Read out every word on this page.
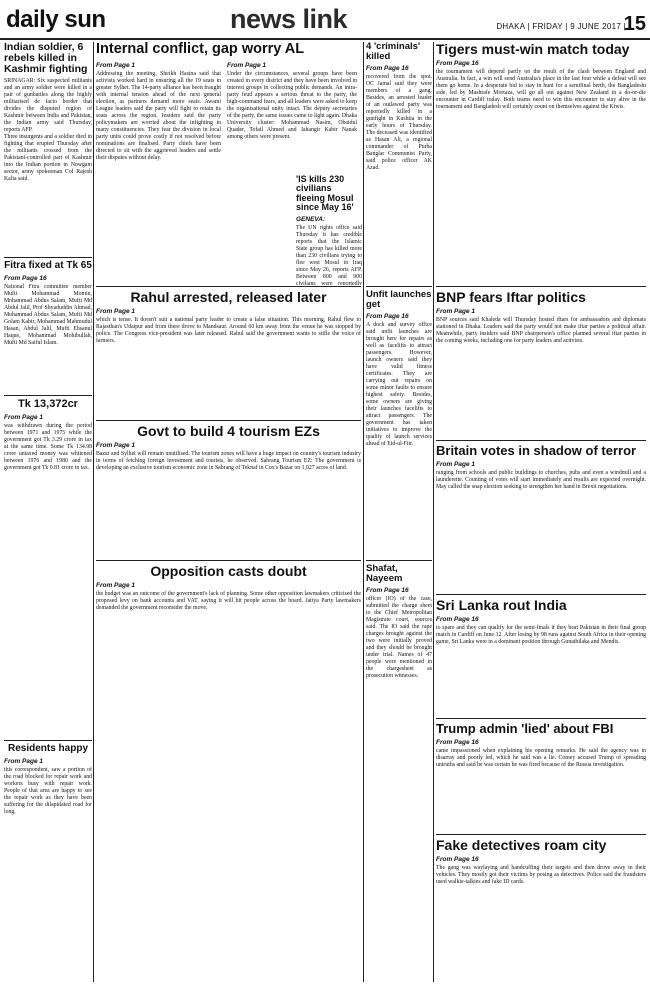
daily sun	news link	DHAKA | FRIDAY | 9 JUNE 2017 |
15
Indian soldier, 6 rebels killed in Kashmir fighting

SRINAGAR: Six suspected militants and an army soldier were killed in a pair of gunbattles along the highly militarised de facto border that divides the disputed region of Kashmir between India and Pakistan, the Indian army said Thursday, reports AFP.

Three insurgents and a soldier died in fighting that erupted Thursday after the militants crossed from the Pakistani-controlled part of Kashmir into the Indian portion in Nowgam sector, army spokesman Col Rajesh Kalia said.

Fitra fixed at Tk 65
From Page 16

National Fitra committee member Mufti Mohammad Momin, Mohammad Abdus Salam, Mufti Md Abdul Jalil, Prof Shyaduddin Ahmad, Mohammad Abdus Salam, Mufti Md Golam Kabir, Mohammad Mahmudul Hasan, Abdul Jalil, Mufti Ehsanul Haque, Mohammad Mohibullah, Mufti Md Saiful Islam.

Tk 13,372cr
From Page 1

was withdrawn during the period between 1971 and 1975 while the government got Tk 3.29 crore in tax at the same time. Some Tk 134.98 crore untaxed money was whitened between 1976 and 1980 and the government got Tk 0.81 crore in tax.

Residents happy
From Page 1

this correspondent, saw a portion of the road blocked for repair work and workers busy with repair work. People of that area are happy to see the repair work as they have been suffering for the dilapidated road for long.

Internal conflict, gap worry AL
From Page 1

Addressing the meeting, Sheikh Hasina said that activists worked hard in ensuring all the 19 seats in greater Sylhet. The 14-party alliance has been fraught with internal tension ahead of the next general election, as partners demand more seats. Awami League leaders said the party will fight to retain its seats across the region. Insiders said the party policymakers are worried about the infighting in many constituencies. They fear the division in local party units could prove costly if not resolved before nominations are finalised. Party chiefs have been directed to sit with the aggrieved leaders and settle their disputes without delay.

From Page 1

Under the circumstances, several groups have been created in every district and they have been involved in interest groups in collecting public demands. An intra-party feud appears a serious threat to the party, the high-command fears, and all leaders were asked to keep the organisational unity intact. The deputy secretaries of the party, the same issues came to light again. Dhaka University cluster: Mohammad Nasim, Obaidul Quader, Tofail Ahmed and Jahangir Kabir Nanak among others were present.

4 'criminals' killed
From Page 16

recovered from the spot. OC Jamal said they were members of a gang. Besides, an arrested leader of an outlawed party was reportedly killed in a gunfight in Kushtia in the early hours of Thursday. The deceased was identified as Hasan Ali, a regional commander of Purba Banglar Communist Party, said police officer AK Azad.

'IS kills 230 civilians fleeing Mosul since May 16'
GENEVA:

The UN rights office said Thursday it has credible reports that the Islamic State group has killed more than 230 civilians trying to flee west Mosul in Iraq since May 26, reports AFP. Between 800 and 900 civilians were reportedly

Tigers must-win match today
From Page 16

the tournament will depend partly on the result of the clash between England and Australia. In fact, a win will send Australia's place in the last four while a defeat will see them go home. In a desperate bid to stay in hunt for a semifinal berth, the Bangladeshi side, led by Mashrafe Mortaza, will go all out against New Zealand in a do-or-die encounter in Cardiff today. Both teams need to win this encounter to stay alive in the tournament and Bangladesh will certainly count on themselves against the Kiwis.

Rahul arrested, released later
From Page 1

which is tense. It doesn't suit a national party leader to create a false situation. This morning, Rahul flew to Rajasthan's Udaipur and from there drove to Mandsaur. Around 60 km away from the venue he was stopped by police. The Congress vice-president was later released. Rahul said the government wants to stifle the voice of farmers.

Unfit launches get
From Page 16

A dock and survey office said unfit launches are brought here for repairs as well as facelifts to attract passengers. However, launch owners said they have valid fitness certificates. They are carrying out repairs on some minor faults to ensure highest safety. Besides, some owners are giving their launches facelifts to attract passengers. The government has taken initiatives to improve the quality of launch services ahead of Eid-ul-Fitr.

BNP fears Iftar politics
From Page 1

BNP sources said Khaleda will Thursday hosted iftars for ambassadors and diplomats stationed in Dhaka. Leaders said the party would not make iftar parties a political affair. Meanwhile, party insiders said BNP chairperson's office planned several iftar parties in the coming weeks, including one for party leaders and activists.

Govt to build 4 tourism EZs
From Page 1

Bazar and Sylhet will remain unutilised. The tourism zones will have a huge impact on country's tourism industry in terms of fetching foreign investment and tourists, he observed. Sabrang Tourism EZ: The government is developing an exclusive tourism economic zone in Sabrang of Teknaf in Cox's Bazar on 1,027 acres of land.

Britain votes in shadow of terror
From Page 1

ranging from schools and public buildings to churches, pubs and even a windmill and a launderette. Counting of votes will start immediately and results are expected overnight. May called the snap election seeking to strengthen her hand in Brexit negotiations.

Opposition casts doubt
From Page 1

the budget was an outcome of the government's lack of planning. Some other opposition lawmakers criticised the proposed levy on bank accounts and VAT, saying it will hit people across the board. Jatiya Party lawmakers demanded the government reconsider the move.

Shafat, Nayeem
From Page 16

officer (IO) of the case, submitted the charge sheet to the Chief Metropolitan Magistrate court, sources said. The IO said the rape charges brought against the two were initially proved and they should be brought under trial. Names of 47 people were mentioned in the chargesheet as prosecution witnesses.

Sri Lanka rout India
From Page 16

to spare and they can qualify for the semi-finals if they beat Pakistan in their final group match in Cardiff on June 12. After losing by 98 runs against South Africa in their opening game, Sri Lanka were in a dominant position through Gunathilaka and Mendis.

Trump admin 'lied' about FBI
From Page 16

came impassioned when explaining his opening remarks. He said the agency was in disarray and poorly led, which he said was a lie. Comey accused Trump of spreading untruths and said he was certain he was fired because of the Russia investigation.

Fake detectives roam city
From Page 16

The gang was waylaying and handcuffing their targets and then drove away in their vehicles. They mostly got their victims by posing as detectives. Police said the fraudsters used walkie-talkies and fake ID cards.
